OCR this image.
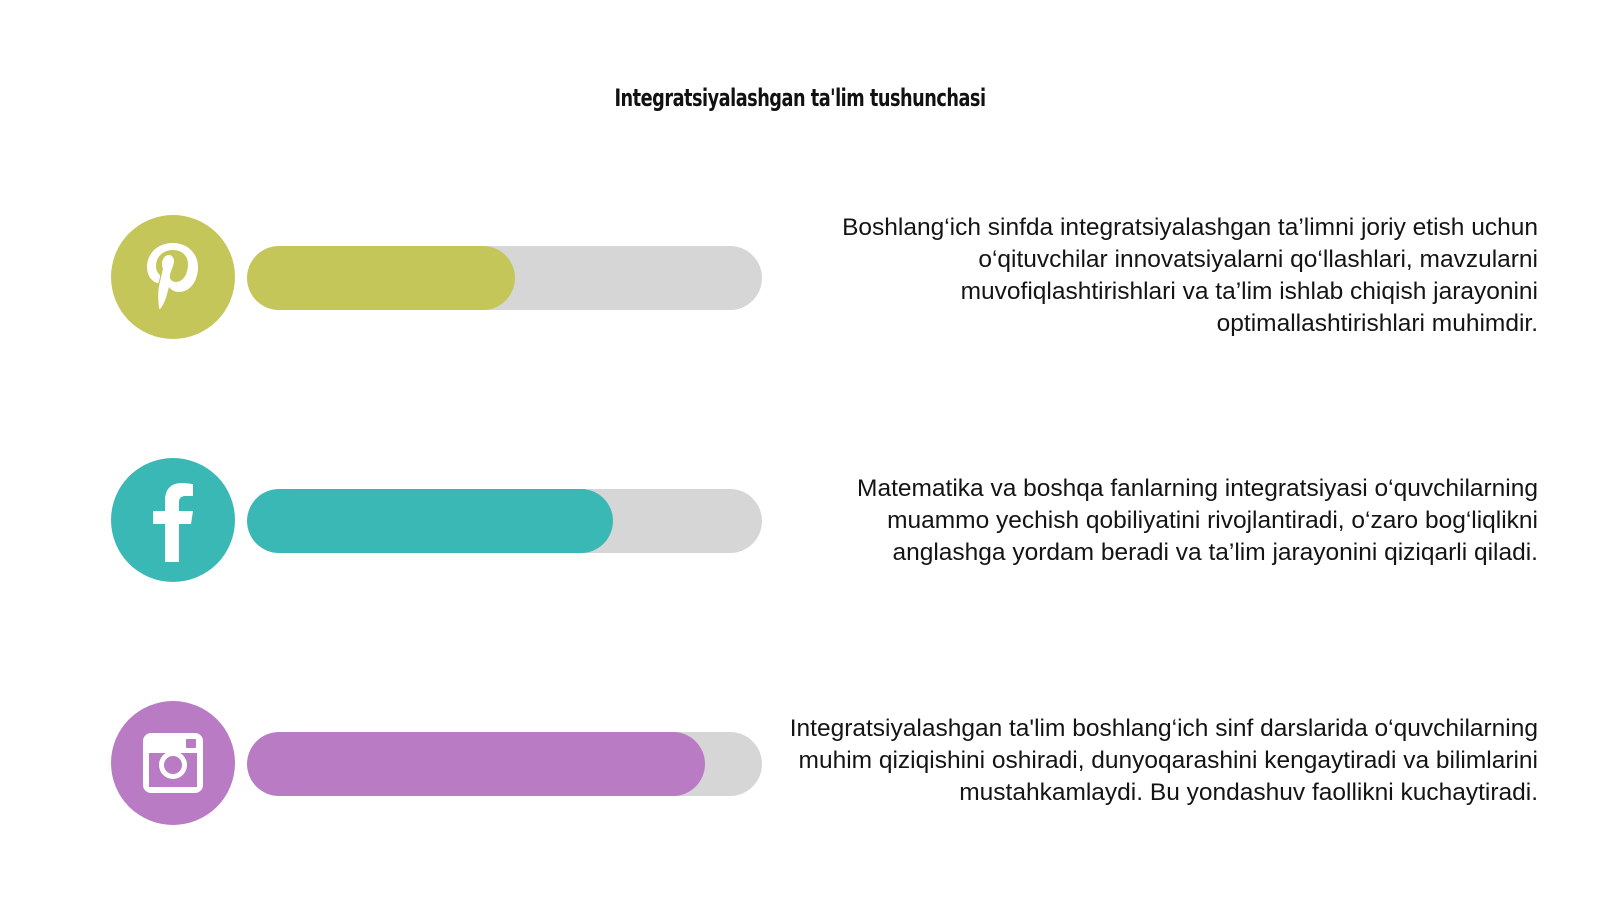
Integratsiyalashgan ta'lim tushunchasi
Boshlang‘ich sinfda integratsiyalashgan ta’limni joriy etish uchun o‘qituvchilar innovatsiyalarni qo‘llashlari, mavzularni muvofiqlashtirishlari va ta’lim ishlab chiqish jarayonini optimallashtirishlari muhimdir.
Matematika va boshqa fanlarning integratsiyasi o‘quvchilarning muammo yechish qobiliyatini rivojlantiradi, o‘zaro bog‘liqlikni anglashga yordam beradi va ta’lim jarayonini qiziqarli qiladi.
Integratsiyalashgan ta'lim boshlang‘ich sinf darslarida o‘quvchilarning muhim qiziqishini oshiradi, dunyoqarashini kengaytiradi va bilimlarini mustahkamlaydi. Bu yondashuv faollikni kuchaytiradi.
